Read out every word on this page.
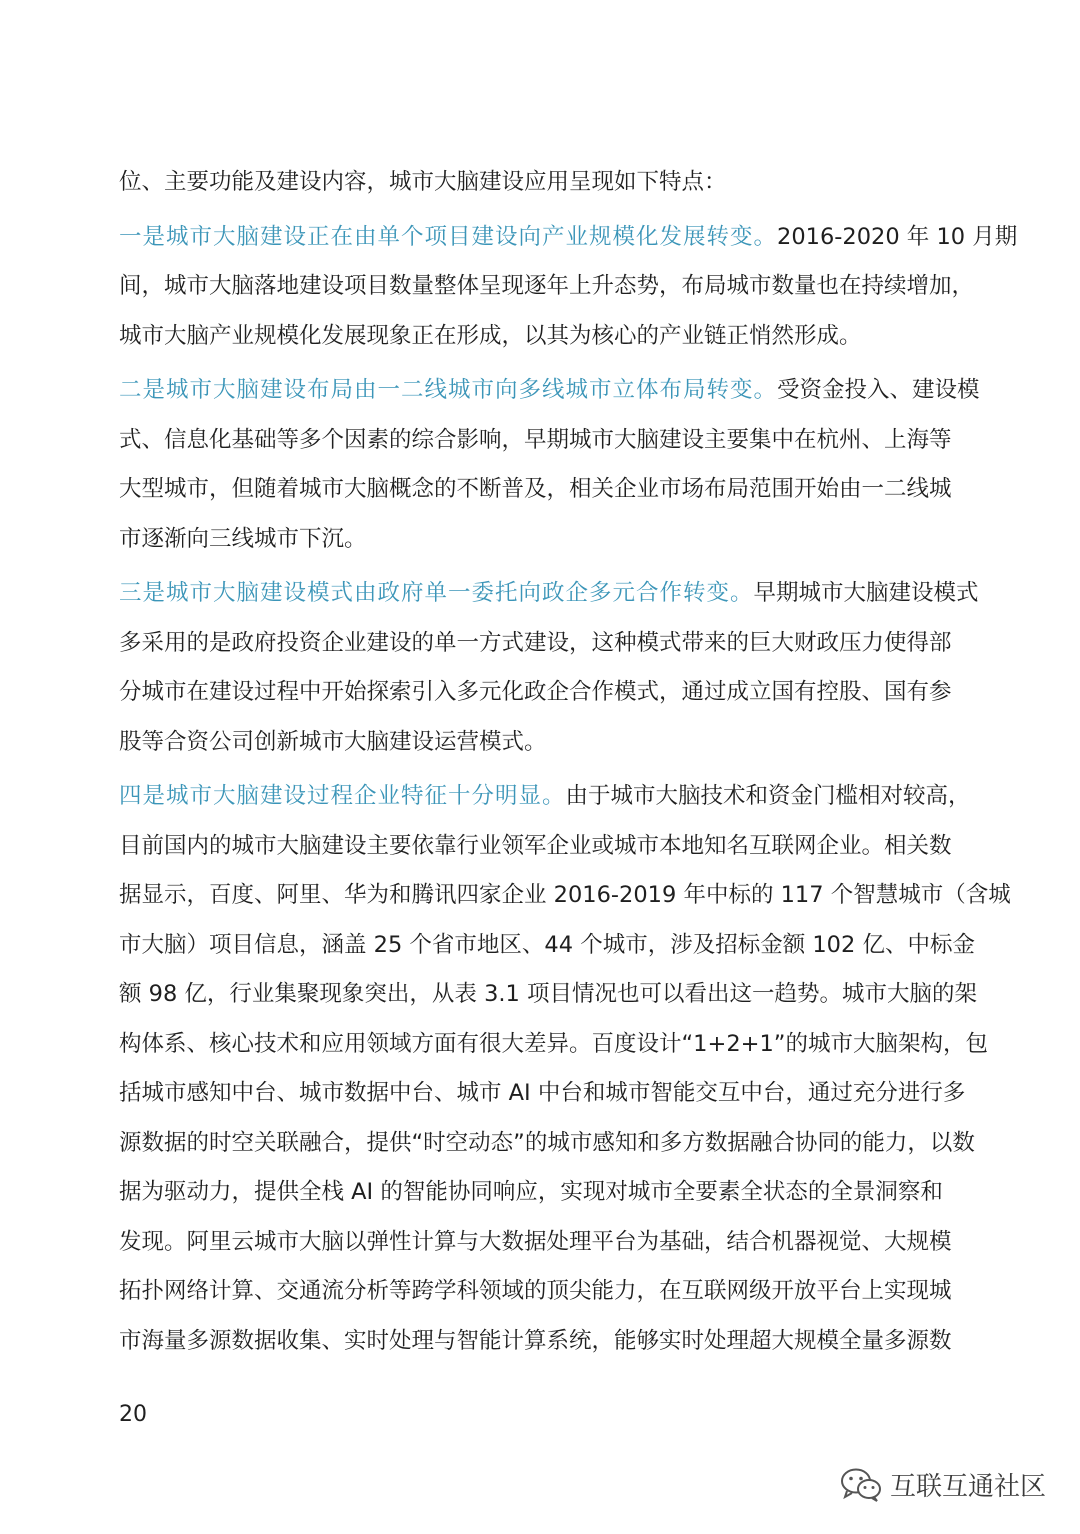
位、主要功能及建设内容，城市大脑建设应用呈现如下特点：
一是城市大脑建设正在由单个项目建设向产业规模化发展转变。2016-2020 年 10 月期
间，城市大脑落地建设项目数量整体呈现逐年上升态势，布局城市数量也在持续增加，
城市大脑产业规模化发展现象正在形成，以其为核心的产业链正悄然形成。
二是城市大脑建设布局由一二线城市向多线城市立体布局转变。受资金投入、建设模
式、信息化基础等多个因素的综合影响，早期城市大脑建设主要集中在杭州、上海等
大型城市，但随着城市大脑概念的不断普及，相关企业市场布局范围开始由一二线城
市逐渐向三线城市下沉。
三是城市大脑建设模式由政府单一委托向政企多元合作转变。早期城市大脑建设模式
多采用的是政府投资企业建设的单一方式建设，这种模式带来的巨大财政压力使得部
分城市在建设过程中开始探索引入多元化政企合作模式，通过成立国有控股、国有参
股等合资公司创新城市大脑建设运营模式。
四是城市大脑建设过程企业特征十分明显。由于城市大脑技术和资金门槛相对较高，
目前国内的城市大脑建设主要依靠行业领军企业或城市本地知名互联网企业。相关数
据显示，百度、阿里、华为和腾讯四家企业 2016-2019 年中标的 117 个智慧城市（含城
市大脑）项目信息，涵盖 25 个省市地区、44 个城市，涉及招标金额 102 亿、中标金
额 98 亿，行业集聚现象突出，从表 3.1 项目情况也可以看出这一趋势。城市大脑的架
构体系、核心技术和应用领域方面有很大差异。百度设计“1+2+1”的城市大脑架构，包
括城市感知中台、城市数据中台、城市 AI 中台和城市智能交互中台，通过充分进行多
源数据的时空关联融合，提供“时空动态”的城市感知和多方数据融合协同的能力，以数
据为驱动力，提供全栈 AI 的智能协同响应，实现对城市全要素全状态的全景洞察和
发现。阿里云城市大脑以弹性计算与大数据处理平台为基础，结合机器视觉、大规模
拓扑网络计算、交通流分析等跨学科领域的顶尖能力，在互联网级开放平台上实现城
市海量多源数据收集、实时处理与智能计算系统，能够实时处理超大规模全量多源数
20
互联互通社区
